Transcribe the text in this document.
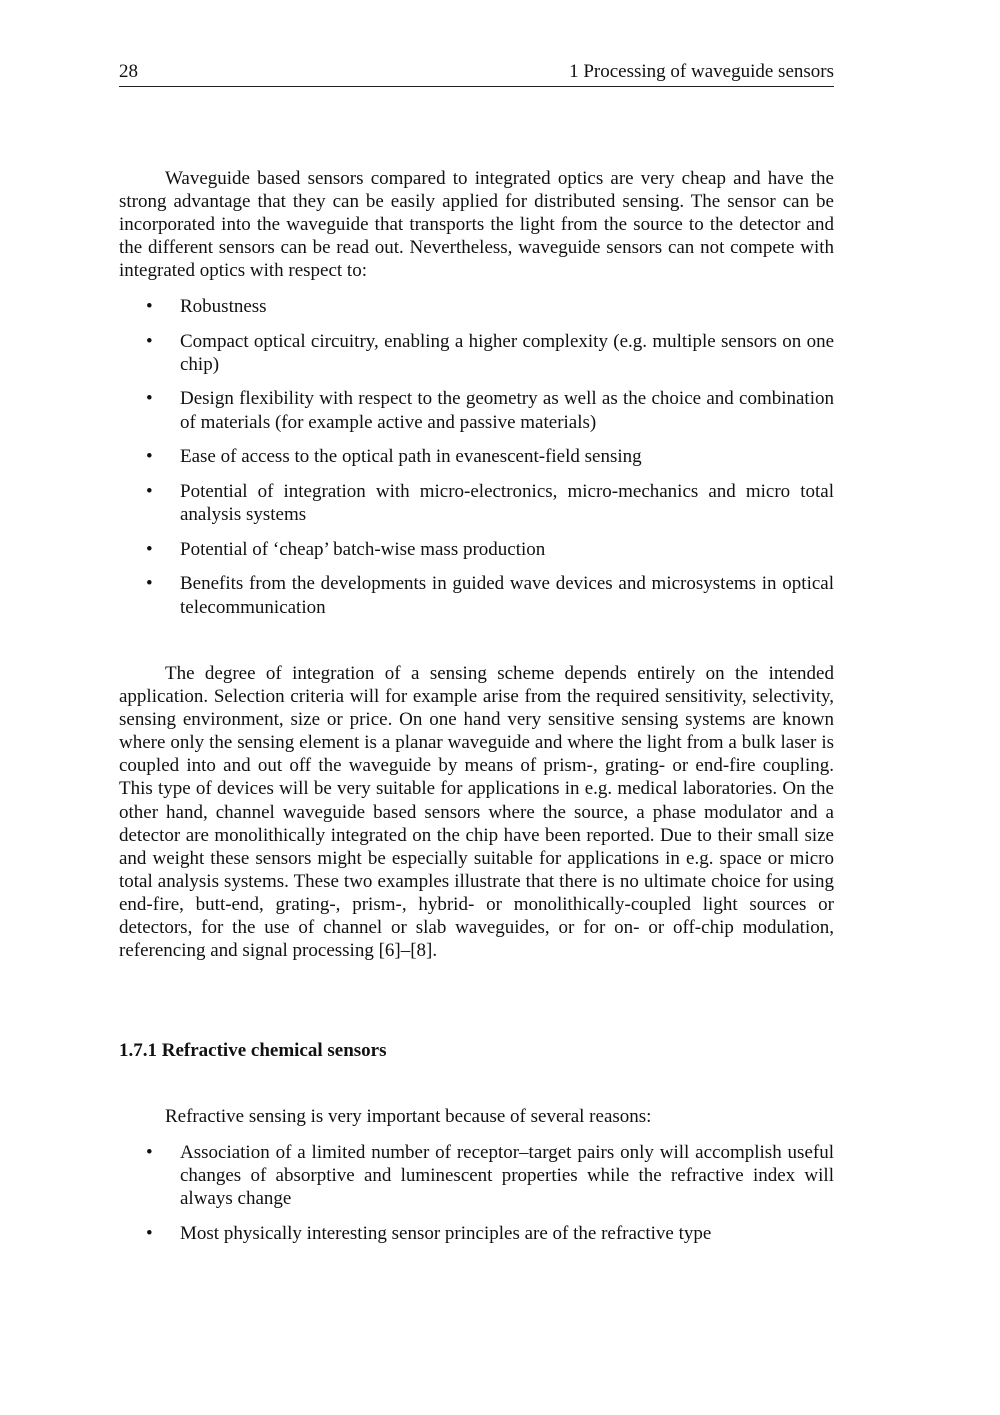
28	1 Processing of waveguide sensors

Waveguide based sensors compared to integrated optics are very cheap and have the strong advantage that they can be easily applied for distributed sensing. The sensor can be incorporated into the waveguide that transports the light from the source to the detector and the different sensors can be read out. Nevertheless, waveguide sensors can not compete with integrated optics with respect to:

• Robustness
• Compact optical circuitry, enabling a higher complexity (e.g. multiple sensors on one chip)
• Design flexibility with respect to the geometry as well as the choice and combination of materials (for example active and passive materials)
• Ease of access to the optical path in evanescent-field sensing
• Potential of integration with micro-electronics, micro-mechanics and micro total analysis systems
• Potential of ‘cheap’ batch-wise mass production
• Benefits from the developments in guided wave devices and microsystems in optical telecommunication

The degree of integration of a sensing scheme depends entirely on the intended application. Selection criteria will for example arise from the required sensitivity, selectivity, sensing environment, size or price. On one hand very sensitive sensing systems are known where only the sensing element is a planar waveguide and where the light from a bulk laser is coupled into and out off the waveguide by means of prism-, grating- or end-fire coupling. This type of devices will be very suitable for applications in e.g. medical laboratories. On the other hand, channel waveguide based sensors where the source, a phase modulator and a detector are monolithically integrated on the chip have been reported. Due to their small size and weight these sensors might be especially suitable for applications in e.g. space or micro total analysis systems. These two examples illustrate that there is no ultimate choice for using end-fire, butt-end, grating-, prism-, hybrid- or monolithically-coupled light sources or detectors, for the use of channel or slab waveguides, or for on- or off-chip modulation, referencing and signal processing [6]–[8].

1.7.1 Refractive chemical sensors

Refractive sensing is very important because of several reasons:

• Association of a limited number of receptor–target pairs only will accomplish useful changes of absorptive and luminescent properties while the refractive index will always change
• Most physically interesting sensor principles are of the refractive type
